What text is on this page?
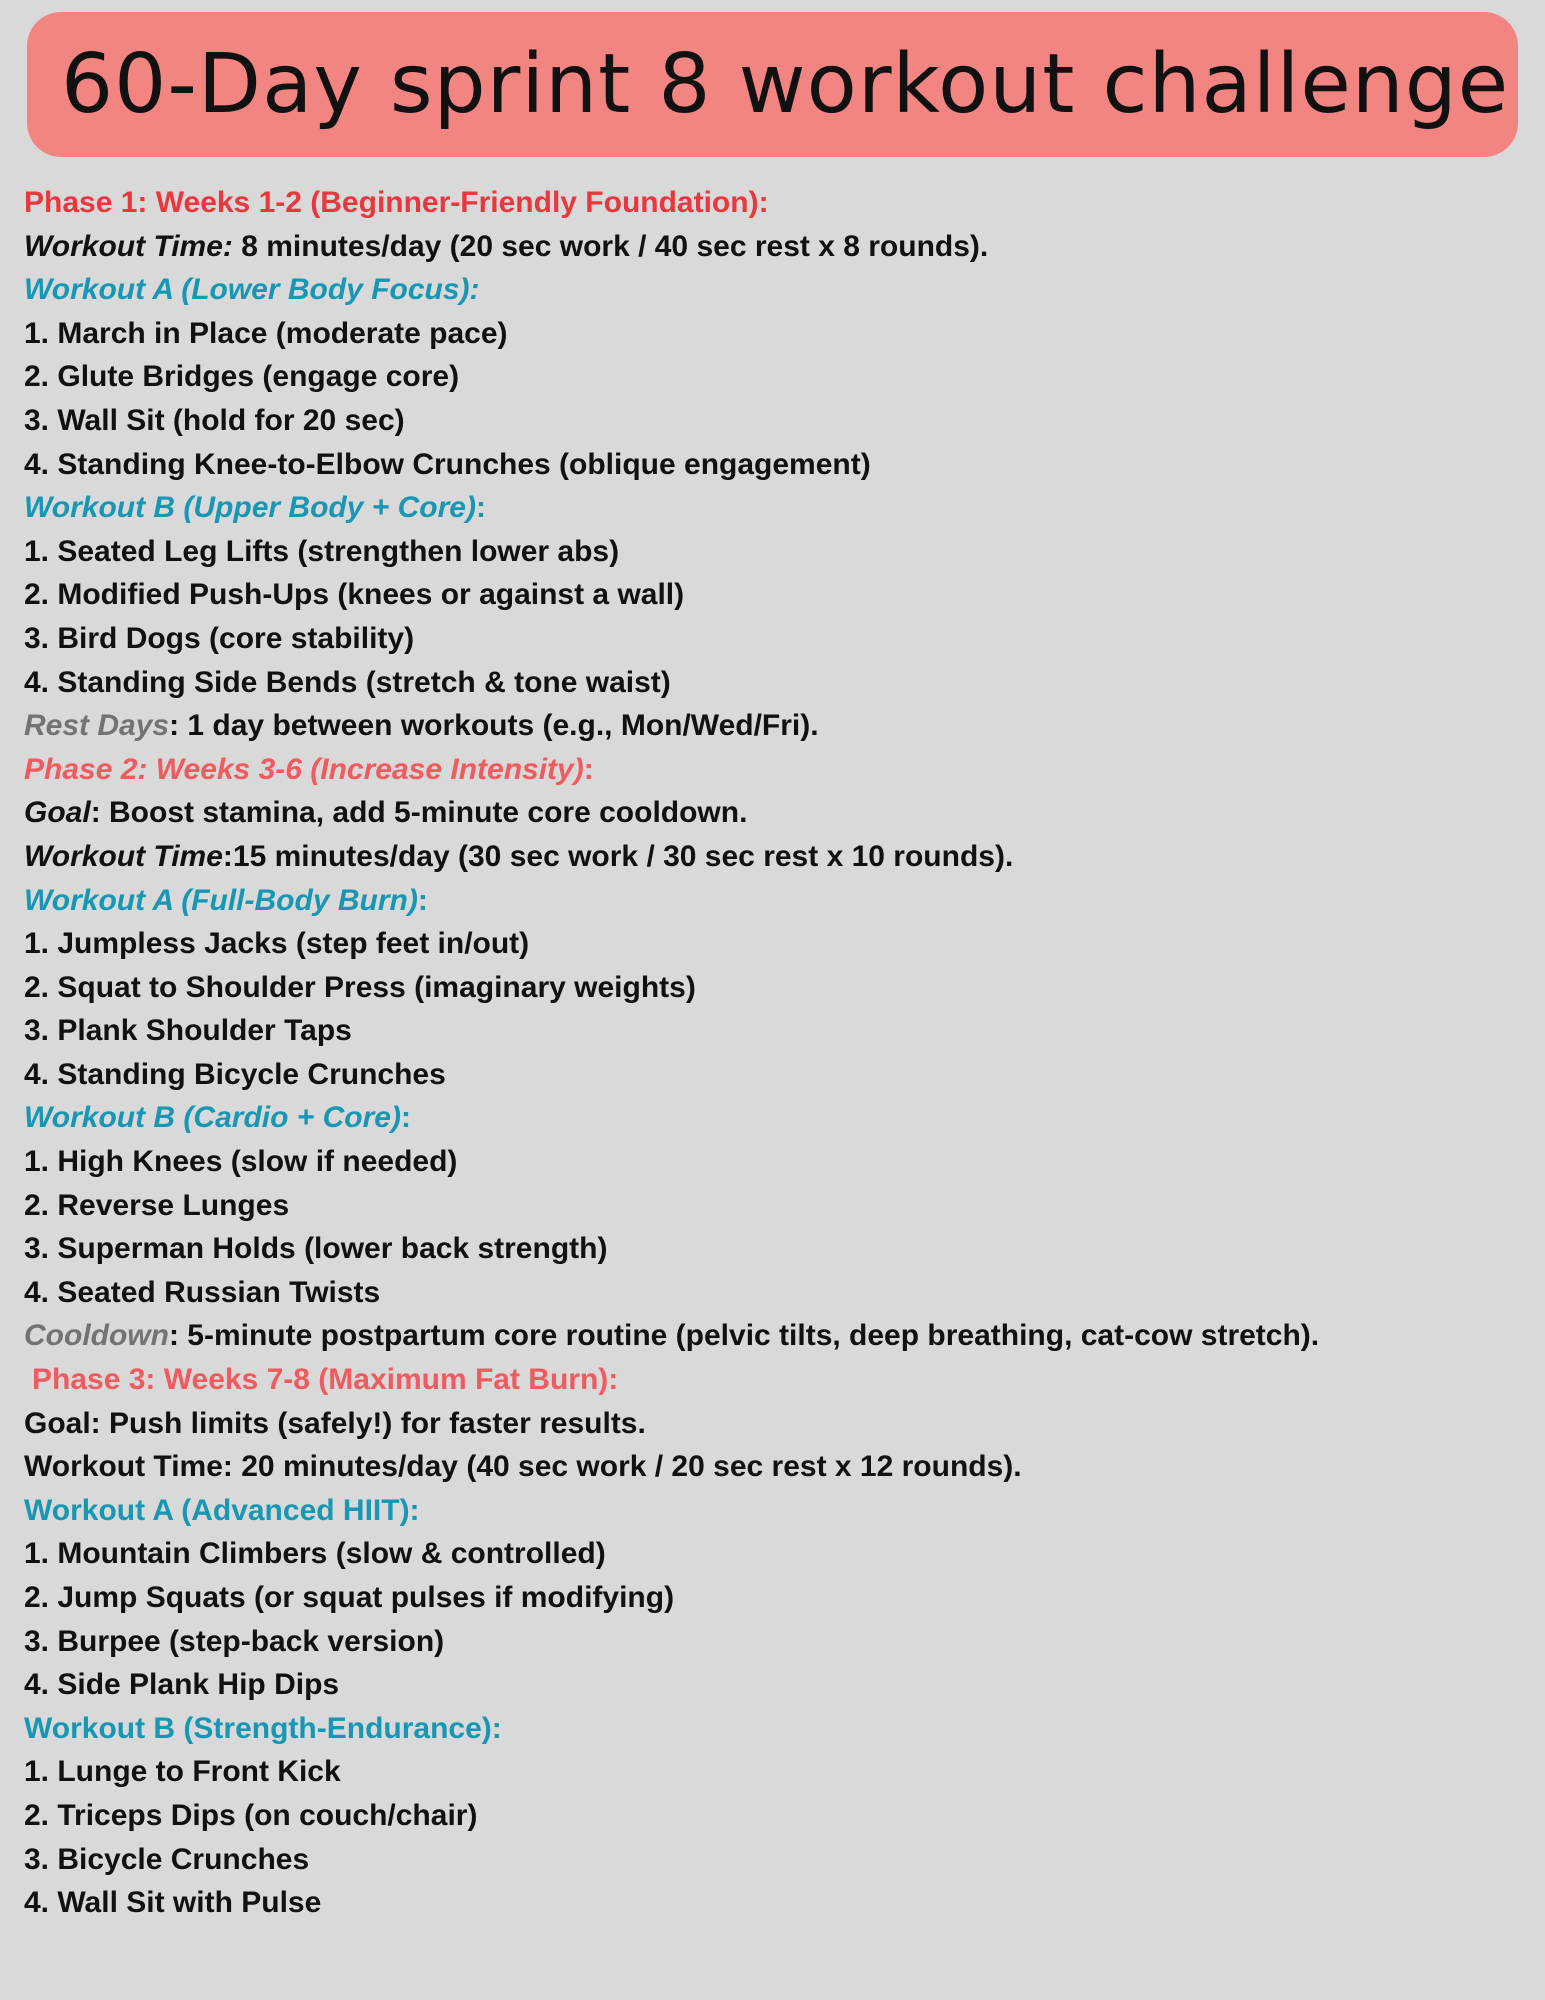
60-Day sprint 8 workout challenge
Phase 1: Weeks 1-2 (Beginner-Friendly Foundation):
Workout Time: 8 minutes/day (20 sec work / 40 sec rest x 8 rounds).
Workout A (Lower Body Focus):
1. March in Place (moderate pace)
2. Glute Bridges (engage core)
3. Wall Sit (hold for 20 sec)
4. Standing Knee-to-Elbow Crunches (oblique engagement)
Workout B (Upper Body + Core):
1. Seated Leg Lifts (strengthen lower abs)
2. Modified Push-Ups (knees or against a wall)
3. Bird Dogs (core stability)
4. Standing Side Bends (stretch & tone waist)
Rest Days: 1 day between workouts (e.g., Mon/Wed/Fri).
Phase 2: Weeks 3-6 (Increase Intensity):
Goal: Boost stamina, add 5-minute core cooldown.
Workout Time:15 minutes/day (30 sec work / 30 sec rest x 10 rounds).
Workout A (Full-Body Burn):
1. Jumpless Jacks (step feet in/out)
2. Squat to Shoulder Press (imaginary weights)
3. Plank Shoulder Taps
4. Standing Bicycle Crunches
Workout B (Cardio + Core):
1. High Knees (slow if needed)
2. Reverse Lunges
3. Superman Holds (lower back strength)
4. Seated Russian Twists
Cooldown: 5-minute postpartum core routine (pelvic tilts, deep breathing, cat-cow stretch).
Phase 3: Weeks 7-8 (Maximum Fat Burn):
Goal: Push limits (safely!) for faster results.
Workout Time: 20 minutes/day (40 sec work / 20 sec rest x 12 rounds).
Workout A (Advanced HIIT):
1. Mountain Climbers (slow & controlled)
2. Jump Squats (or squat pulses if modifying)
3. Burpee (step-back version)
4. Side Plank Hip Dips
Workout B (Strength-Endurance):
1. Lunge to Front Kick
2. Triceps Dips (on couch/chair)
3. Bicycle Crunches
4. Wall Sit with Pulse
